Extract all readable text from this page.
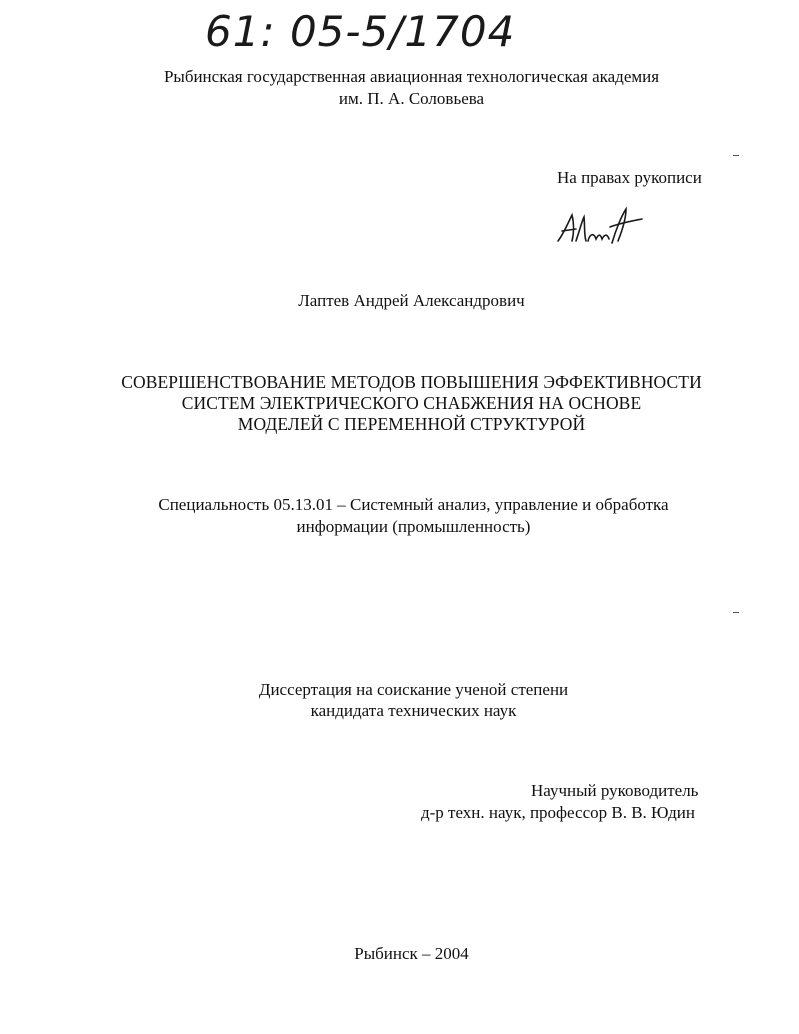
61: 05-5/1704
Рыбинская государственная авиационная технологическая академия
им. П. А. Соловьева
На правах рукописи
Лаптев Андрей Александрович
СОВЕРШЕНСТВОВАНИЕ МЕТОДОВ ПОВЫШЕНИЯ ЭФФЕКТИВНОСТИ
СИСТЕМ ЭЛЕКТРИЧЕСКОГО СНАБЖЕНИЯ НА ОСНОВЕ
МОДЕЛЕЙ С ПЕРЕМЕННОЙ СТРУКТУРОЙ
Специальность 05.13.01 – Системный анализ, управление и обработка
информации (промышленность)
Диссертация на соискание ученой степени
кандидата технических наук
Научный руководитель
д-р техн. наук, профессор В. В. Юдин
Рыбинск – 2004
